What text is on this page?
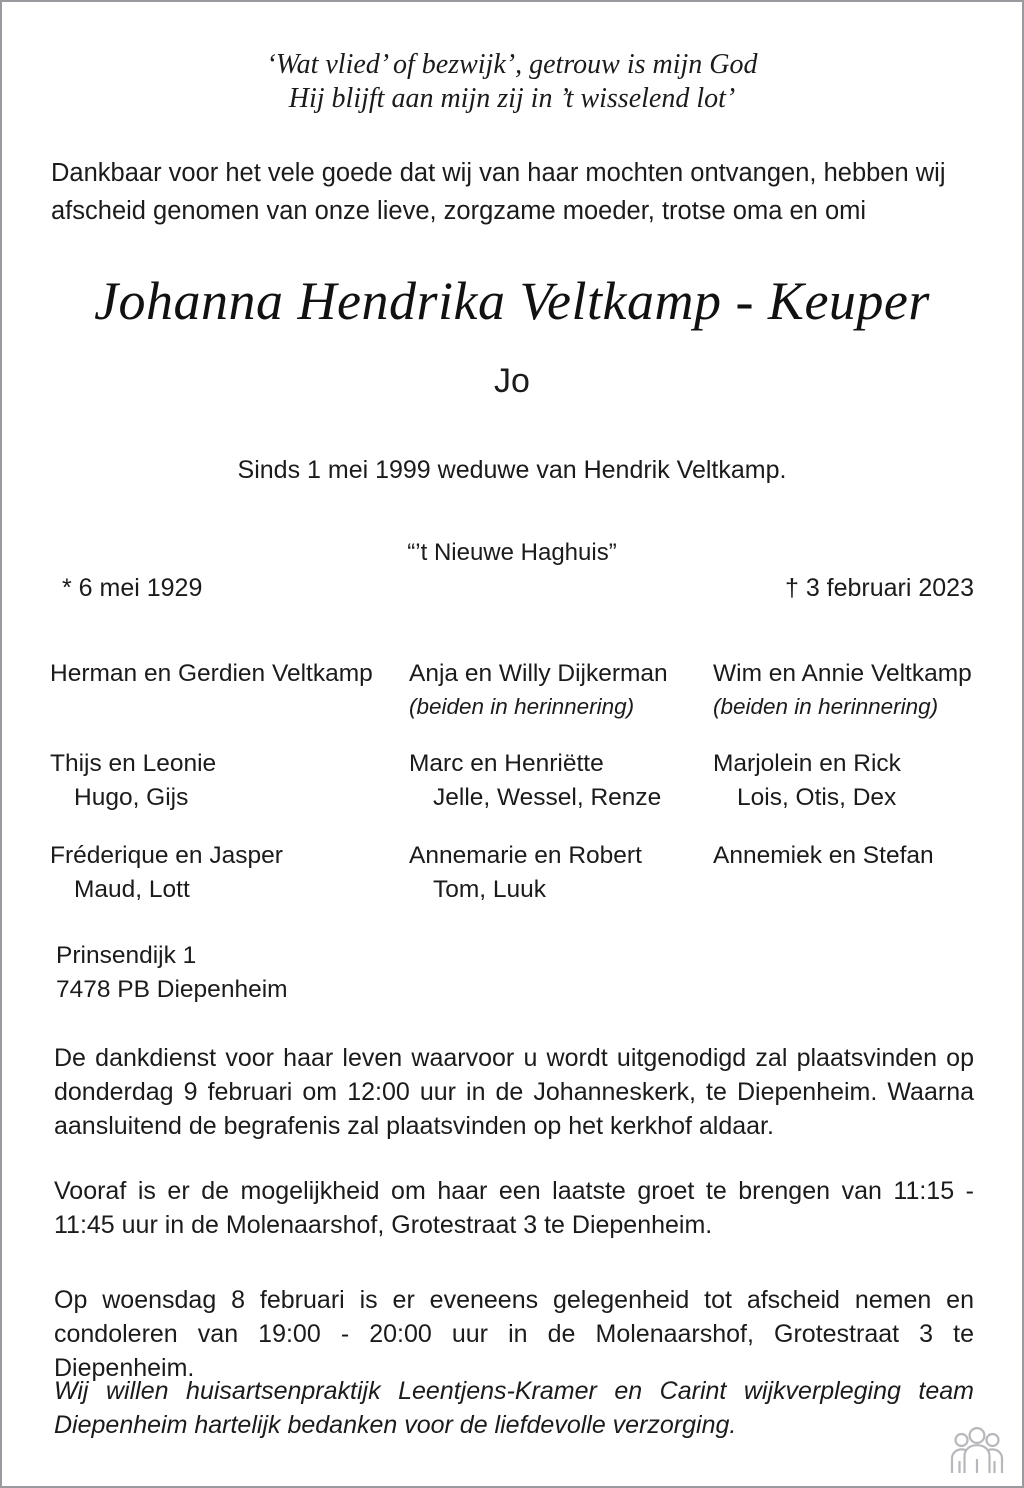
‘Wat vlied’ of bezwijk’, getrouw is mijn God
Hij blijft aan mijn zij in ’t wisselend lot’
Dankbaar voor het vele goede dat wij van haar mochten ontvangen, hebben wij
afscheid genomen van onze lieve, zorgzame moeder, trotse oma en omi
Johanna Hendrika Veltkamp - Keuper
Jo
Sinds 1 mei 1999 weduwe van Hendrik Veltkamp.
“’t Nieuwe Haghuis”
* 6 mei 1929	† 3 februari 2023
Herman en Gerdien Veltkamp	Anja en Willy Dijkerman
(beiden in herinnering)
Wim en Annie Veltkamp
(beiden in herinnering)
Thijs en Leonie
Hugo, Gijs
Marc en Henriëtte
Jelle, Wessel, Renze
Marjolein en Rick
Lois, Otis, Dex
Fréderique en Jasper
Maud, Lott
Annemarie en Robert
Tom, Luuk
Annemiek en Stefan
Prinsendijk 1
7478 PB Diepenheim
De dankdienst voor haar leven waarvoor u wordt uitgenodigd zal plaatsvinden op donderdag 9 februari om 12:00 uur in de Johanneskerk, te Diepenheim. Waarna aansluitend de begrafenis zal plaatsvinden op het kerkhof aldaar.
Vooraf is er de mogelijkheid om haar een laatste groet te brengen van 11:15 - 11:45 uur in de Molenaarshof, Grotestraat 3 te Diepenheim.
Op woensdag 8 februari is er eveneens gelegenheid tot afscheid nemen en condoleren van 19:00 - 20:00 uur in de Molenaarshof, Grotestraat 3 te Diepenheim.
Wij willen huisartsenpraktijk Leentjens-Kramer en Carint wijkverpleging team Diepenheim hartelijk bedanken voor de liefdevolle verzorging.
